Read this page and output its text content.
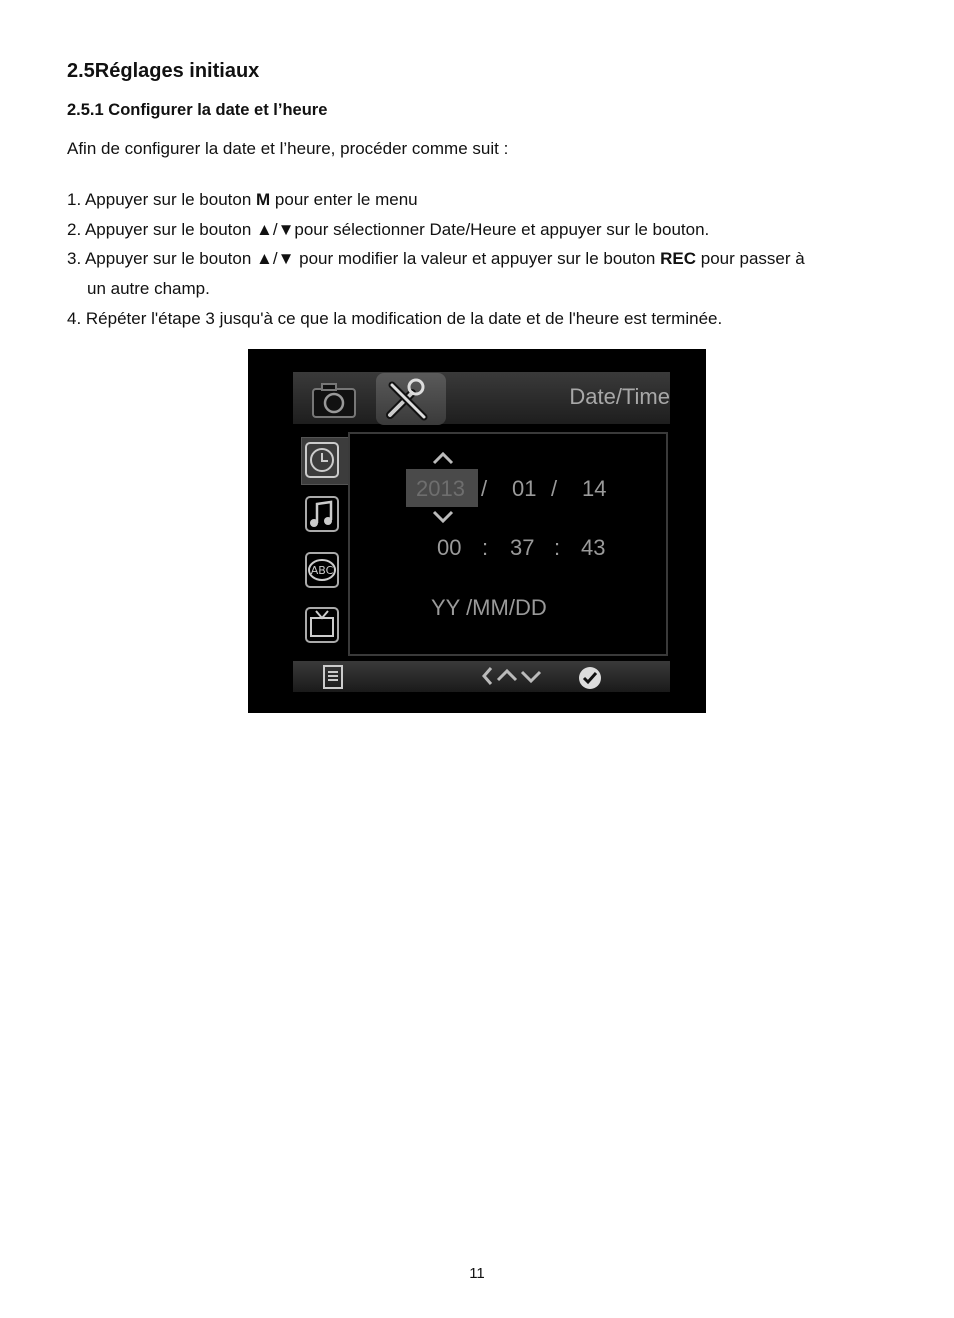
2.5Réglages initiaux
2.5.1 Configurer la date et l’heure
Afin de configurer la date et l’heure, procéder comme suit :
1. Appuyer sur le bouton M pour enter le menu
2. Appuyer sur le bouton ▲/▼pour sélectionner Date/Heure et appuyer sur le bouton.
3. Appuyer sur le bouton ▲/▼ pour modifier la valeur et appuyer sur le bouton REC pour passer à
un autre champ.
4. Répéter l'étape 3 jusqu'à ce que la modification de la date et de l'heure est terminée.
Date/Time
ABC
2013 / 01 / 14
00 : 37 : 43
YY /MM/DD
11
